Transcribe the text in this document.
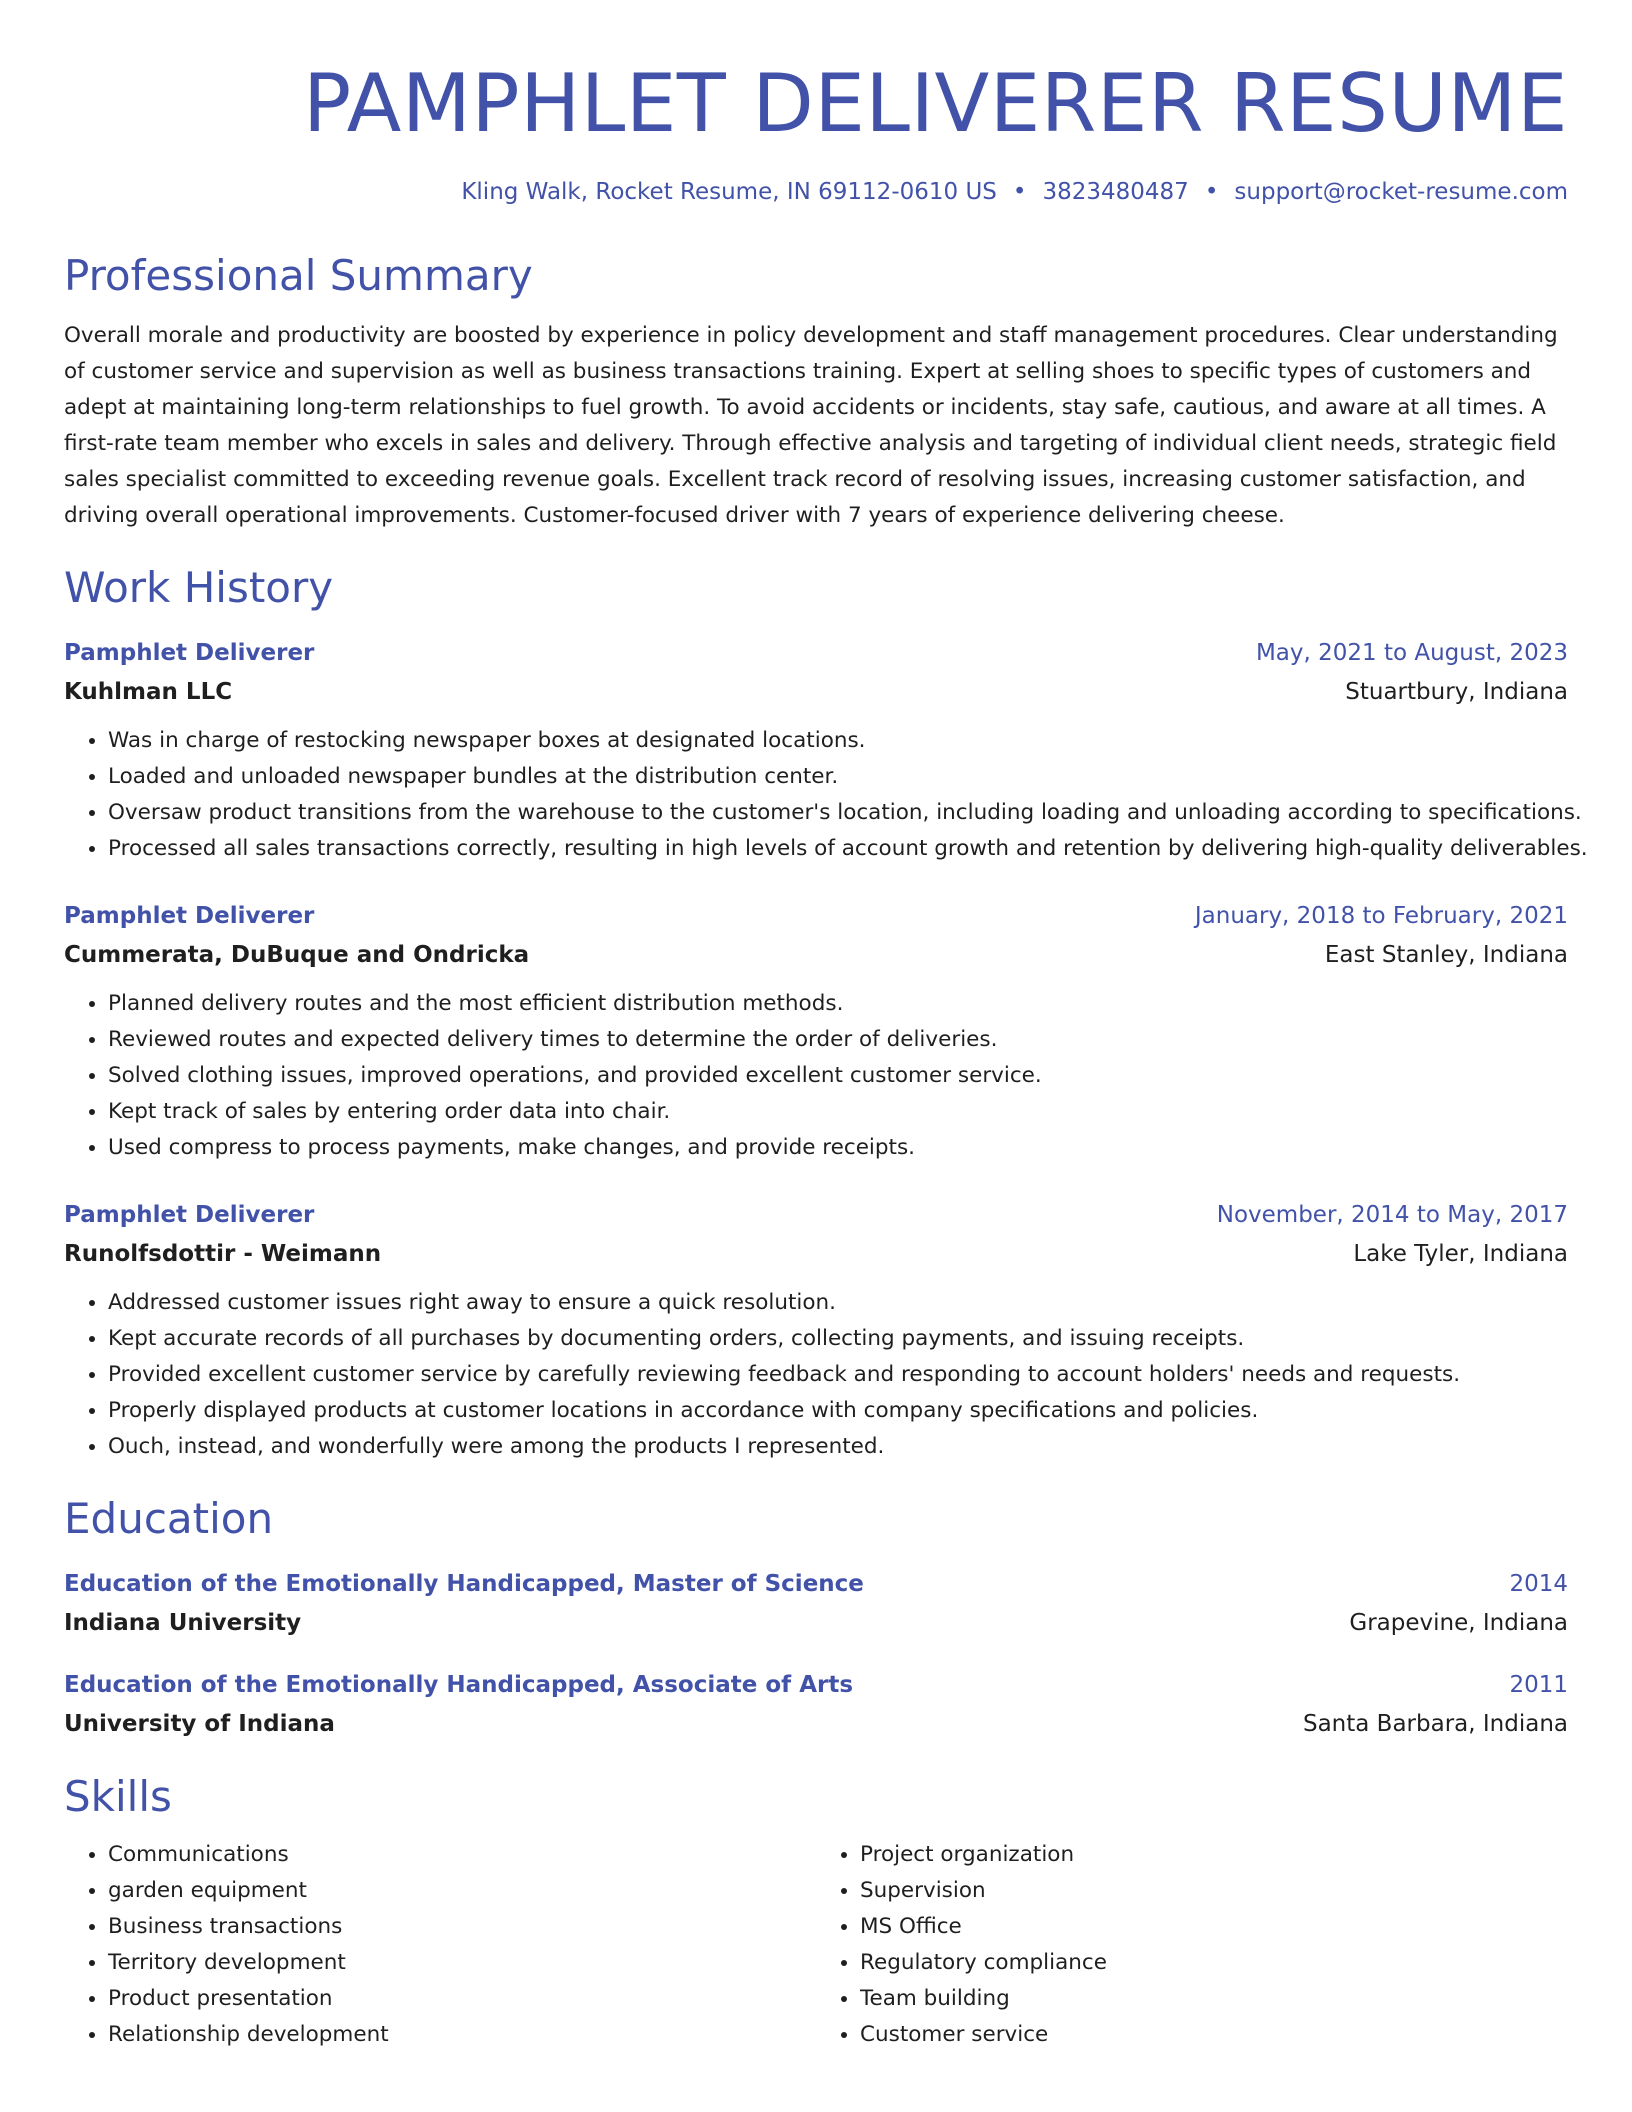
PAMPHLET DELIVERER RESUME
Kling Walk, Rocket Resume, IN 69112-0610 US • 3823480487 • support@rocket-resume.com
Professional Summary

Overall morale and productivity are boosted by experience in policy development and staff management procedures. Clear understanding of customer service and supervision as well as business transactions training. Expert at selling shoes to specific types of customers and adept at maintaining long-term relationships to fuel growth. To avoid accidents or incidents, stay safe, cautious, and aware at all times. A first-rate team member who excels in sales and delivery. Through effective analysis and targeting of individual client needs, strategic field sales specialist committed to exceeding revenue goals. Excellent track record of resolving issues, increasing customer satisfaction, and driving overall operational improvements. Customer-focused driver with 7 years of experience delivering cheese.

Work History
Pamphlet Deliverer	May, 2021 to August, 2023
Kuhlman LLC	Stuartbury, Indiana
• Was in charge of restocking newspaper boxes at designated locations.
• Loaded and unloaded newspaper bundles at the distribution center.
• Oversaw product transitions from the warehouse to the customer's location, including loading and unloading according to specifications.
• Processed all sales transactions correctly, resulting in high levels of account growth and retention by delivering high-quality deliverables.
Pamphlet Deliverer	January, 2018 to February, 2021
Cummerata, DuBuque and Ondricka	East Stanley, Indiana
• Planned delivery routes and the most efficient distribution methods.
• Reviewed routes and expected delivery times to determine the order of deliveries.
• Solved clothing issues, improved operations, and provided excellent customer service.
• Kept track of sales by entering order data into chair.
• Used compress to process payments, make changes, and provide receipts.
Pamphlet Deliverer	November, 2014 to May, 2017
Runolfsdottir - Weimann	Lake Tyler, Indiana
• Addressed customer issues right away to ensure a quick resolution.
• Kept accurate records of all purchases by documenting orders, collecting payments, and issuing receipts.
• Provided excellent customer service by carefully reviewing feedback and responding to account holders' needs and requests.
• Properly displayed products at customer locations in accordance with company specifications and policies.
• Ouch, instead, and wonderfully were among the products I represented.
Education
Education of the Emotionally Handicapped, Master of Science	2014
Indiana University	Grapevine, Indiana
Education of the Emotionally Handicapped, Associate of Arts	2011
University of Indiana	Santa Barbara, Indiana
Skills
• Communications
• garden equipment
• Business transactions
• Territory development
• Product presentation
• Relationship development
• Project organization
• Supervision
• MS Office
• Regulatory compliance
• Team building
• Customer service
